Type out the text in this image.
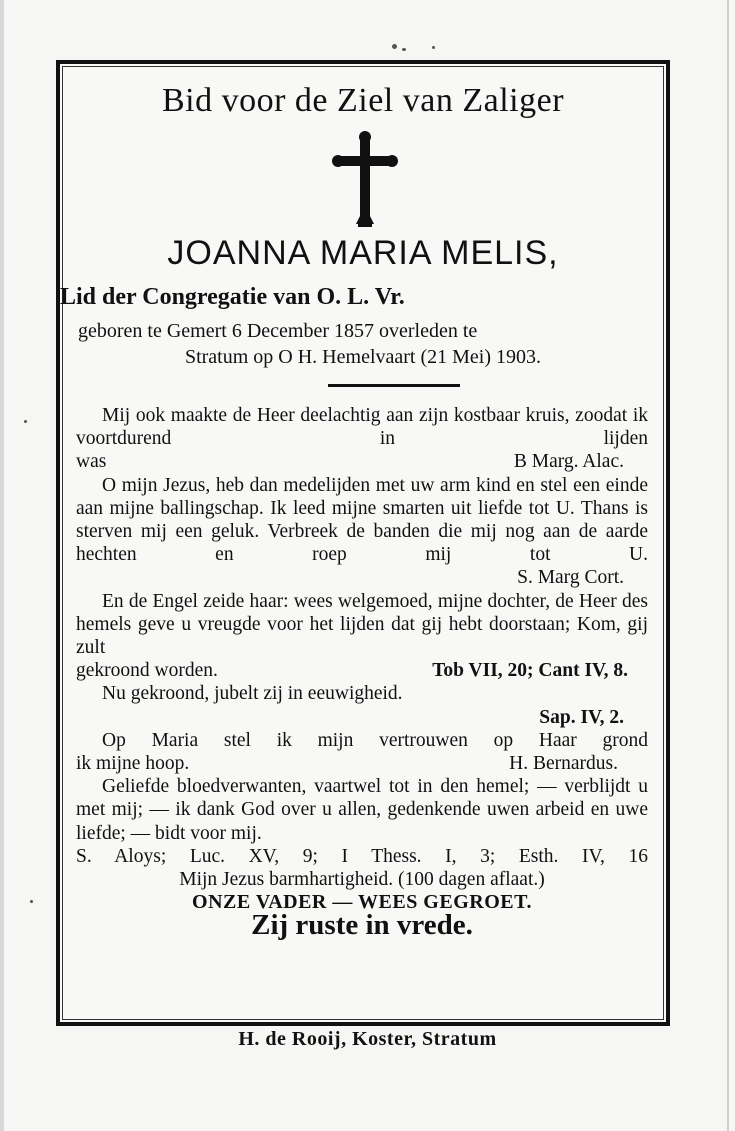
Bid voor de Ziel van Zaliger
JOANNA MARIA MELIS,
Lid der Congregatie van O. L. Vr.
geboren te Gemert 6 December 1857 overleden te
Stratum op O H. Hemelvaart (21 Mei) 1903.

Mij ook maakte de Heer deelachtig aan zijn kostbaar kruis, zoodat ik voortdurend in lijden

was	B Marg. Alac.

O mijn Jezus, heb dan medelijden met uw arm kind en stel een einde aan mijne ballingschap. Ik leed mijne smarten uit liefde tot U. Thans is sterven mij een geluk. Verbreek de banden die mij nog aan de aarde hechten en roep mij tot U.

S. Marg Cort.

En de Engel zeide haar: wees welgemoed, mijne dochter, de Heer des hemels geve u vreugde voor het lijden dat gij hebt doorstaan; Kom, gij zult

gekroond worden.	Tob VII, 20; Cant IV, 8.

Nu gekroond, jubelt zij in eeuwigheid.

Sap. IV, 2.

Op Maria stel ik mijn vertrouwen op Haar grond

ik mijne hoop.	H. Bernardus.

Geliefde bloedverwanten, vaartwel tot in den hemel; — verblijdt u met mij; — ik dank God over u allen, gedenkende uwen arbeid en uwe

liefde; — bidt voor mij.

S. Aloys; Luc. XV, 9; I Thess. I, 3; Esth. IV, 16

Mijn Jezus barmhartigheid. (100 dagen aflaat.)

ONZE VADER — WEES GEGROET.

Zij ruste in vrede.

H. de Rooij, Koster, Stratum
